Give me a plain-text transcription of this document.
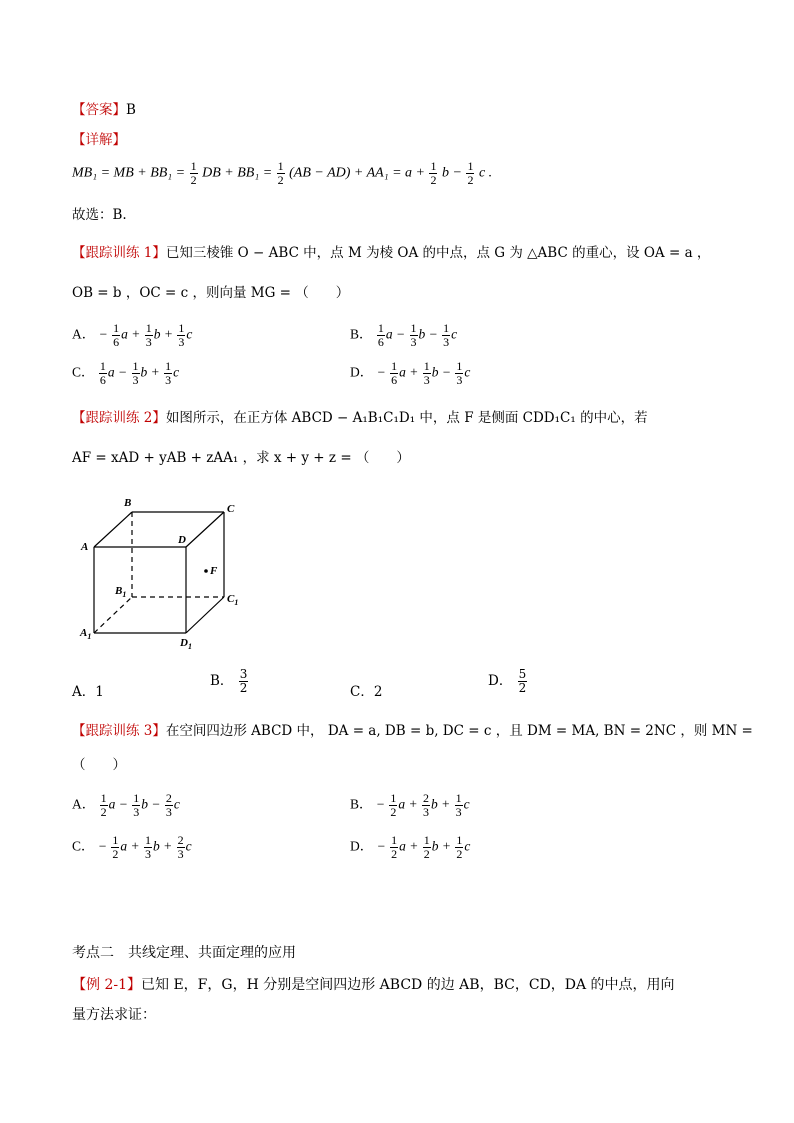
【答案】B
【详解】
MB₁ = MB + $BB_1 = \frac{1}{2}$ DB + $BB_1 = \frac{1}{2} (AB - AD) + AA_1 = a + \frac{1}{2}$ $b - \frac{1}{2}$ c .
故选：B.
【跟踪训练 1】已知三棱锥 O − ABC 中，点 M 为棱 OA 的中点，点 G 为 △ABC 的重心，设 OA = a ，
OB = b ，OC = c ，则向量 MG = （　　）
A． − $\frac{1}{6}$ $a + \frac{1}{3}$ $b + \frac{1}{3}$ c	B． $\frac{1}{6}$ $a - \frac{1}{3}$ $b - \frac{1}{3}$ c
C． $\frac{1}{6}$ $a - \frac{1}{3}$ $b + \frac{1}{3}$ c	D． − $\frac{1}{6}$ $a + \frac{1}{3}$ $b - \frac{1}{3}$ c
【跟踪训练 2】如图所示，在正方体 ABCD − A₁B₁C₁D₁ 中，点 F 是侧面 CDD₁C₁ 的中心，若
AF = xAD + yAB + zAA₁ ，求 x + y + z = （　　）
B	C
A
D
F
$B_1$	$C_1$
$A_1$
$D_1$
A．1
B． $\frac{3}{2}$	C．2
D． $\frac{5}{2}$
【跟踪训练 3】在空间四边形 ABCD 中， DA = a, DB = b, DC = c ，且 DM = MA, BN = 2NC ，则 MN =
（　　）
A． $\frac{1}{2}$ $a - \frac{1}{3}$ $b - \frac{2}{3}$ c	B． − $\frac{1}{2}$ $a + \frac{2}{3}$ $b + \frac{1}{3}$ c
C． − $\frac{1}{2}$ $a + \frac{1}{3}$ $b + \frac{2}{3}$ c	D． − $\frac{1}{2}$ $a + \frac{1}{2}$ $b + \frac{1}{2}$ c
考点二　共线定理、共面定理的应用
【例 2-1】已知 E，F，G，H 分别是空间四边形 ABCD 的边 AB，BC，CD，DA 的中点，用向
量方法求证：
